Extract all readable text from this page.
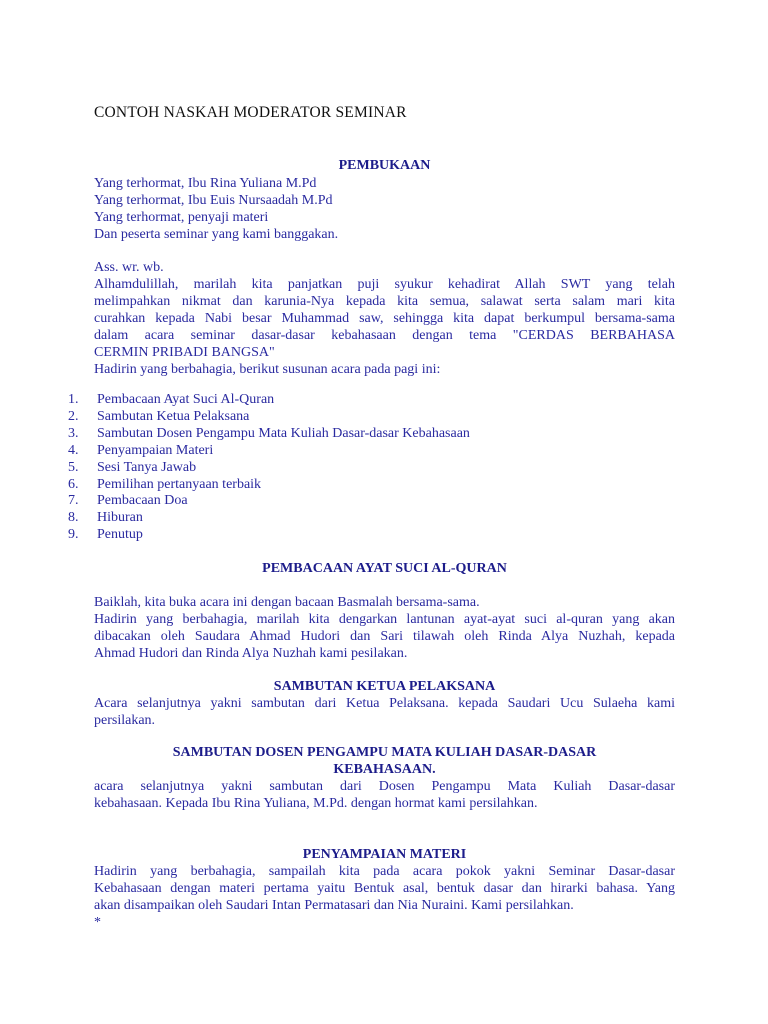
CONTOH NASKAH MODERATOR SEMINAR
PEMBUKAAN
Yang terhormat, Ibu Rina Yuliana M.Pd
Yang terhormat, Ibu Euis Nursaadah M.Pd
Yang terhormat, penyaji materi
Dan peserta seminar yang kami banggakan.
Ass. wr. wb.
Alhamdulillah, marilah kita panjatkan puji syukur kehadirat Allah SWT yang telah
melimpahkan nikmat dan karunia-Nya kepada kita semua, salawat serta salam mari kita
curahkan kepada Nabi besar Muhammad saw, sehingga kita dapat berkumpul bersama-sama
dalam acara seminar dasar-dasar kebahasaan dengan tema "CERDAS BERBAHASA
CERMIN PRIBADI BANGSA"
Hadirin yang berbahagia, berikut susunan acara pada pagi ini:
1.	Pembacaan Ayat Suci Al-Quran
2.	Sambutan Ketua Pelaksana
3.	Sambutan Dosen Pengampu Mata Kuliah Dasar-dasar Kebahasaan
4.	Penyampaian Materi
5.	Sesi Tanya Jawab
6.	Pemilihan pertanyaan terbaik
7.	Pembacaan Doa
8.	Hiburan
9.	Penutup
PEMBACAAN AYAT SUCI AL-QURAN
Baiklah, kita buka acara ini dengan bacaan Basmalah bersama-sama.
Hadirin yang berbahagia, marilah kita dengarkan lantunan ayat-ayat suci al-quran yang akan
dibacakan oleh Saudara Ahmad Hudori dan Sari tilawah oleh Rinda Alya Nuzhah, kepada
Ahmad Hudori dan Rinda Alya Nuzhah kami pesilakan.
SAMBUTAN KETUA PELAKSANA
Acara selanjutnya yakni sambutan dari Ketua Pelaksana. kepada Saudari Ucu Sulaeha kami
persilakan.
SAMBUTAN DOSEN PENGAMPU MATA KULIAH DASAR-DASAR
KEBAHASAAN.
acara selanjutnya yakni sambutan dari Dosen Pengampu Mata Kuliah Dasar-dasar
kebahasaan. Kepada Ibu Rina Yuliana, M.Pd. dengan hormat kami persilahkan.
PENYAMPAIAN MATERI
Hadirin yang berbahagia, sampailah kita pada acara pokok yakni Seminar Dasar-dasar
Kebahasaan dengan materi pertama yaitu Bentuk asal, bentuk dasar dan hirarki bahasa. Yang
akan disampaikan oleh Saudari Intan Permatasari dan Nia Nuraini. Kami persilahkan.
*
